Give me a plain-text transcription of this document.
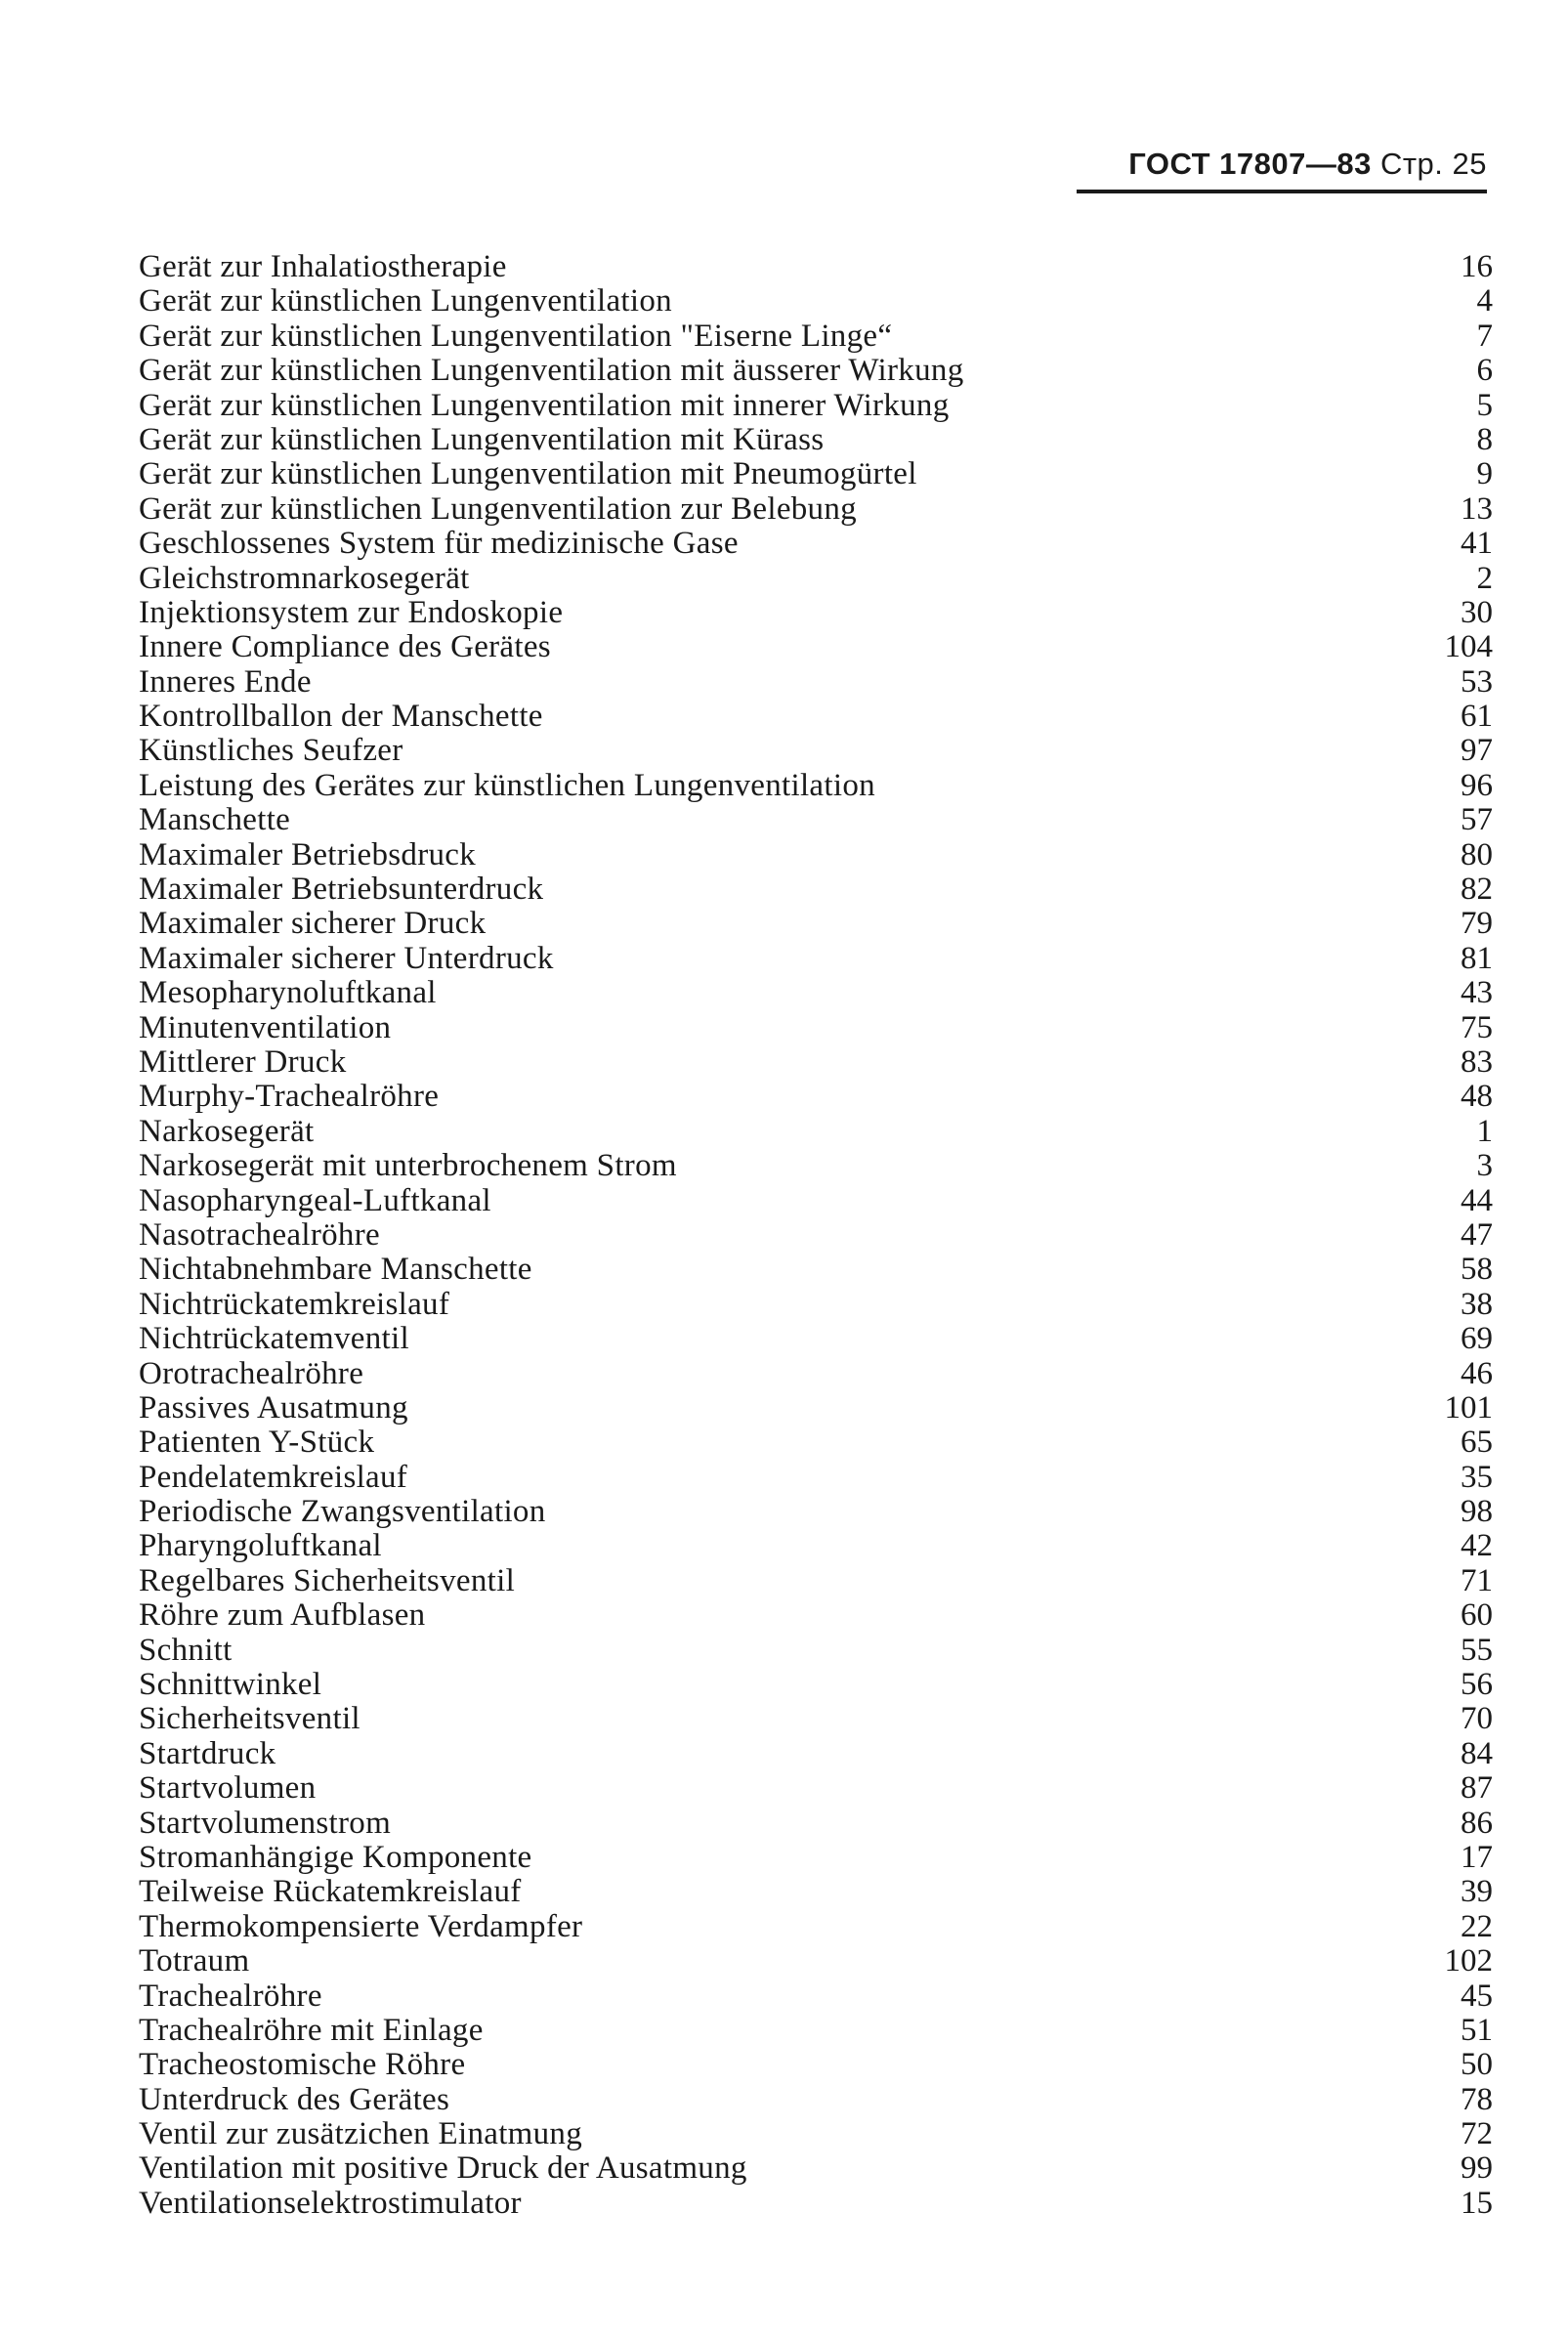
ГОСТ 17807—83 Стр. 25
Gerät zur Inhalatiostherapie	16
Gerät zur künstlichen Lungenventilation	4
Gerät zur künstlichen Lungenventilation "Eiserne Linge“	7
Gerät zur künstlichen Lungenventilation mit äusserer Wirkung	6
Gerät zur künstlichen Lungenventilation mit innerer Wirkung	5
Gerät zur künstlichen Lungenventilation mit Kürass	8
Gerät zur künstlichen Lungenventilation mit Pneumogürtel	9
Gerät zur künstlichen Lungenventilation zur Belebung	13
Geschlossenes System für medizinische Gase	41
Gleichstromnarkosegerät	2
Injektionsystem zur Endoskopie	30
Innere Compliance des Gerätes	104
Inneres Ende	53
Kontrollballon der Manschette	61
Künstliches Seufzer	97
Leistung des Gerätes zur künstlichen Lungenventilation	96
Manschette	57
Maximaler Betriebsdruck	80
Maximaler Betriebsunterdruck	82
Maximaler sicherer Druck	79
Maximaler sicherer Unterdruck	81
Mesopharynoluftkanal	43
Minutenventilation	75
Mittlerer Druck	83
Murphy-Trachealröhre	48
Narkosegerät	1
Narkosegerät mit unterbrochenem Strom	3
Nasopharyngeal-Luftkanal	44
Nasotrachealröhre	47
Nichtabnehmbare Manschette	58
Nichtrückatemkreislauf	38
Nichtrückatemventil	69
Orotrachealröhre	46
Passives Ausatmung	101
Patienten Y-Stück	65
Pendelatemkreislauf	35
Periodische Zwangsventilation	98
Pharyngoluftkanal	42
Regelbares Sicherheitsventil	71
Röhre zum Aufblasen	60
Schnitt	55
Schnittwinkel	56
Sicherheitsventil	70
Startdruck	84
Startvolumen	87
Startvolumenstrom	86
Stromanhängige Komponente	17
Teilweise Rückatemkreislauf	39
Thermokompensierte Verdampfer	22
Totraum	102
Trachealröhre	45
Trachealröhre mit Einlage	51
Tracheostomische Röhre	50
Unterdruck des Gerätes	78
Ventil zur zusätzichen Einatmung	72
Ventilation mit positive Druck der Ausatmung	99
Ventilationselektrostimulator	15
